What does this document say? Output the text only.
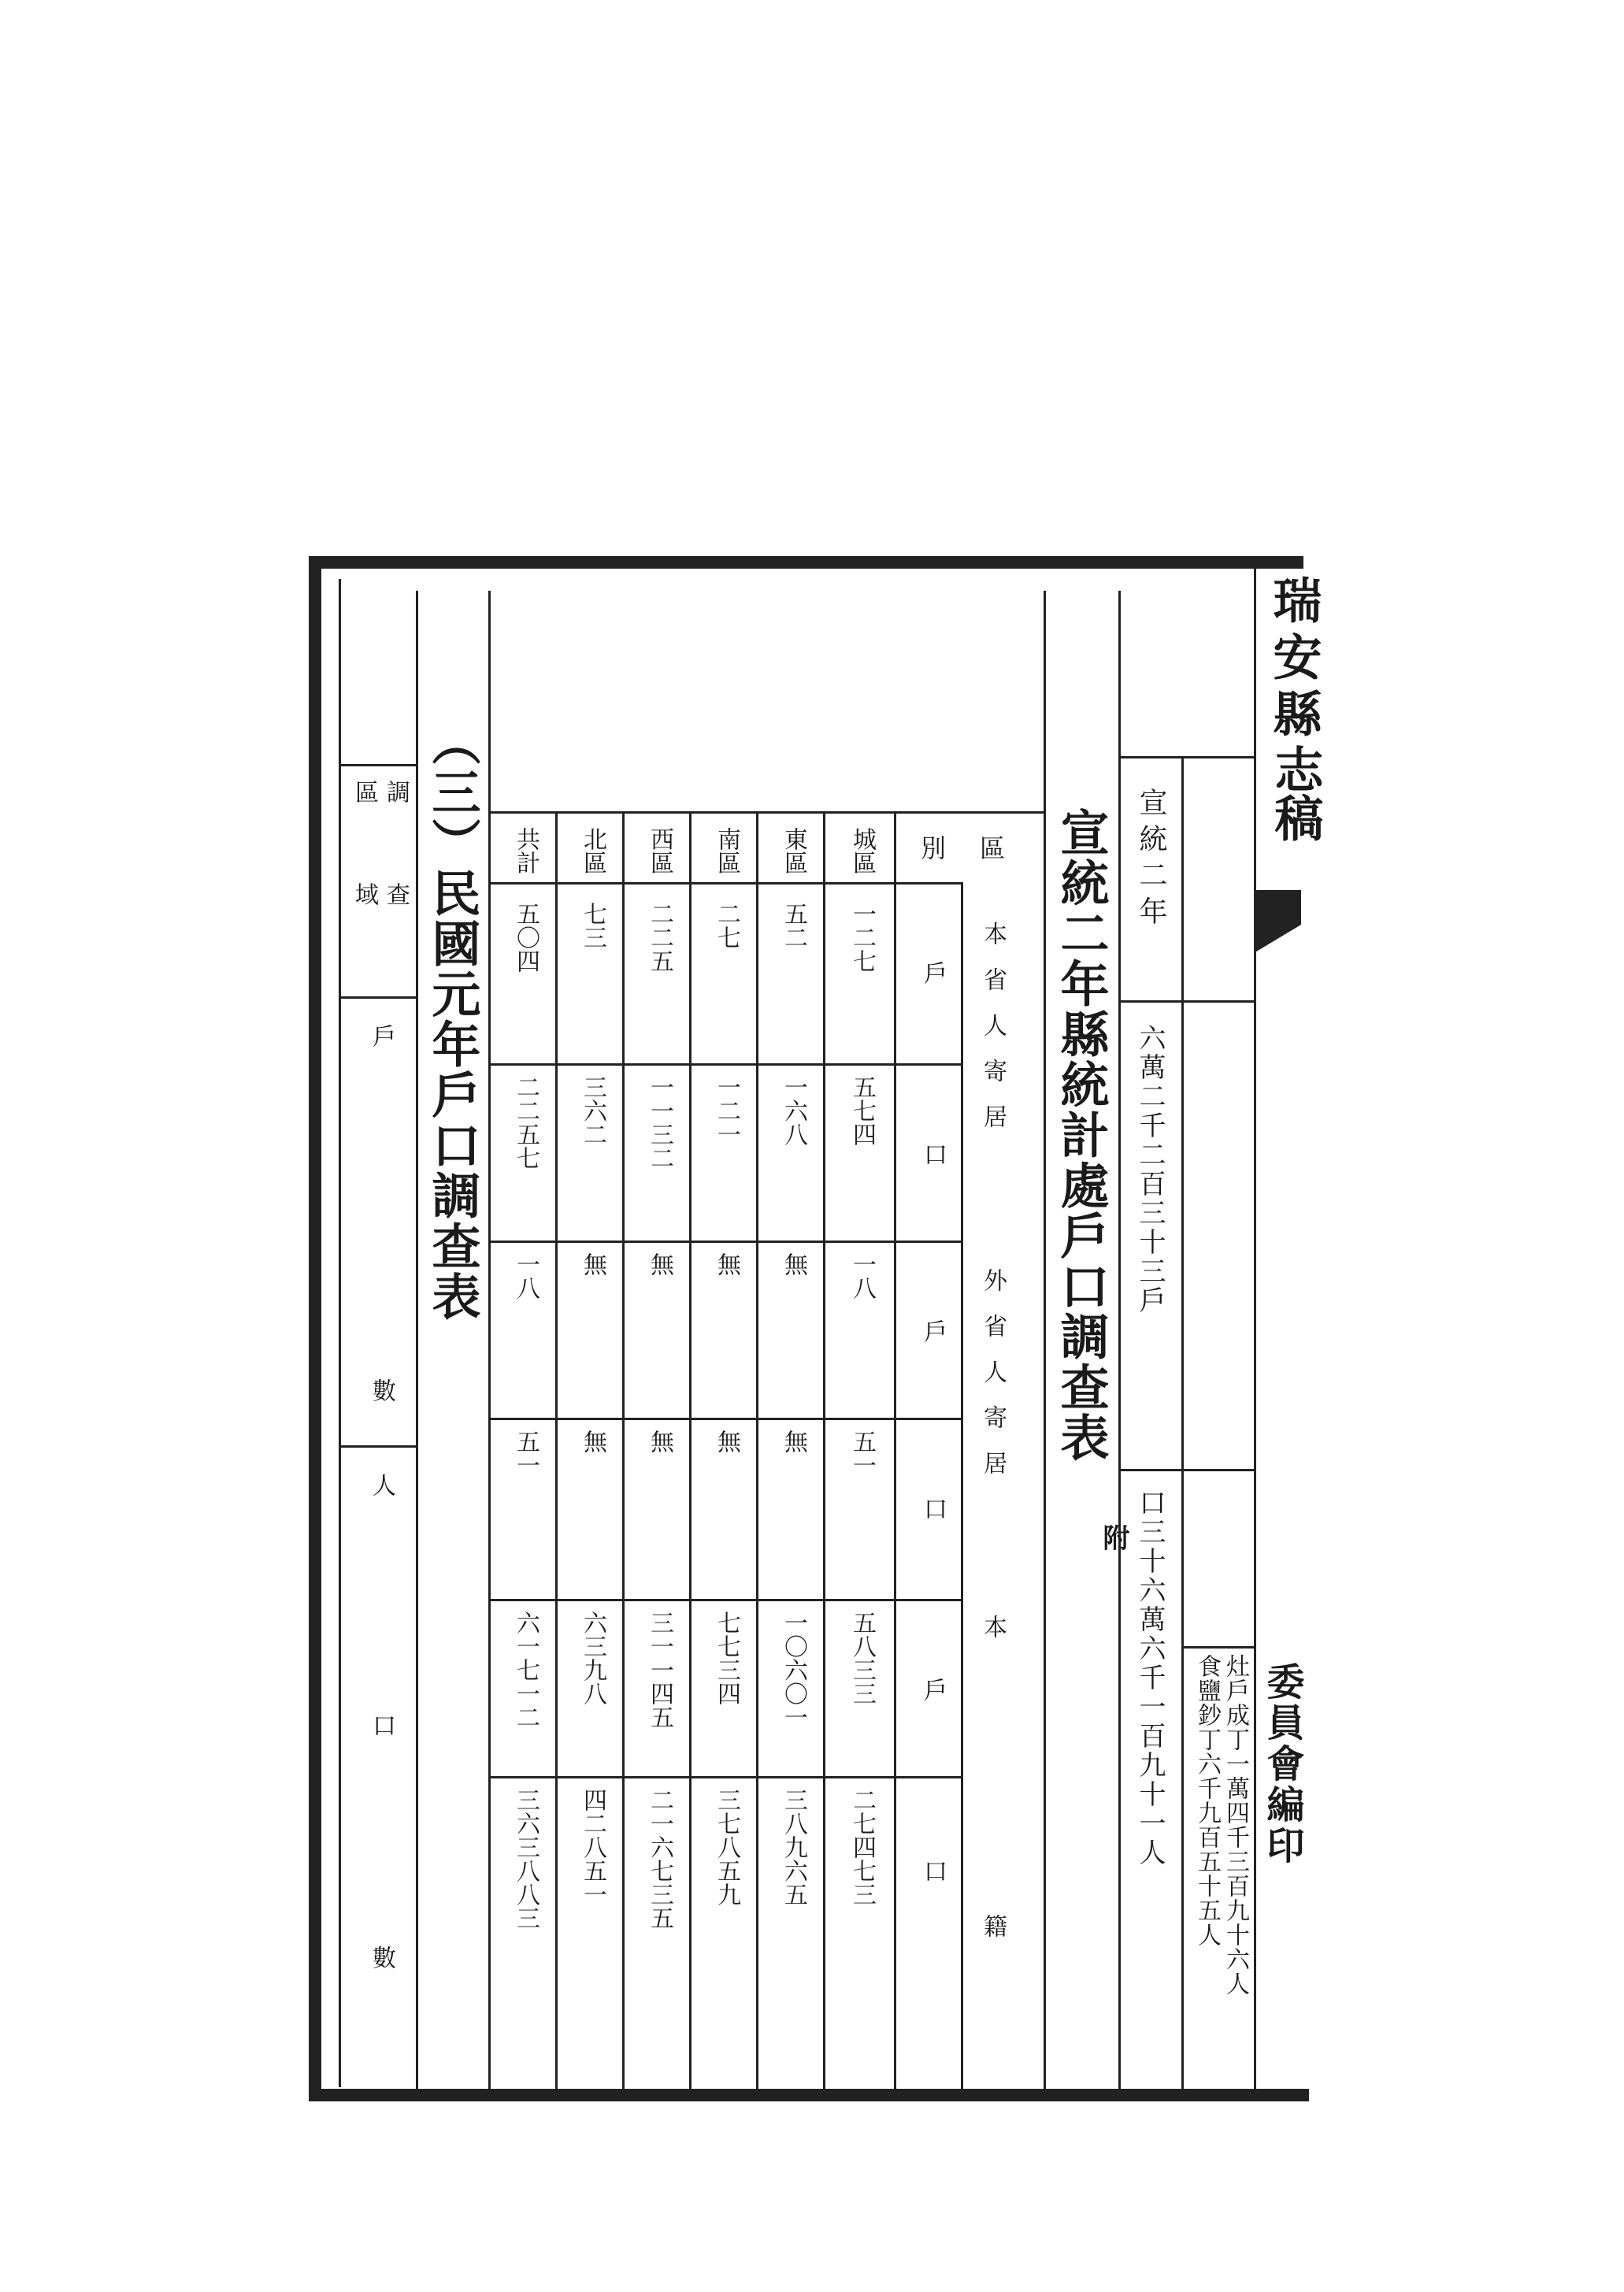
瑞安縣
志稿
委員會編印
宣統二年
六萬二千二百三十三戶
口三十六萬六千一百九十一人 灶戶成丁一萬四千三百九十六人
食鹽鈔丁六千九百五十五人
宣統二年縣統計處戶口調查表
附
區
別
本省人寄居
外省人寄居
本
籍
戶
口
戶
口
戶
口
城區
一二七
五七四
一八
五一
五八三三
二七四七三
東區
五二
一六八
無
無
一〇六〇一
三八九六五
南區
二七
一二一
無
無
七七三四
三七八五九
西區
二二五
一一三二
無
無
三一一四五
二一六七三五
北區
七三
三六二
無
無
六三九八
四二八五一
共計
五〇四
二二五七
一八
五一
六一七一二
三六三八八三
（三）民國元年戶口調查表
調查
區域
戶
數
人
口
數
